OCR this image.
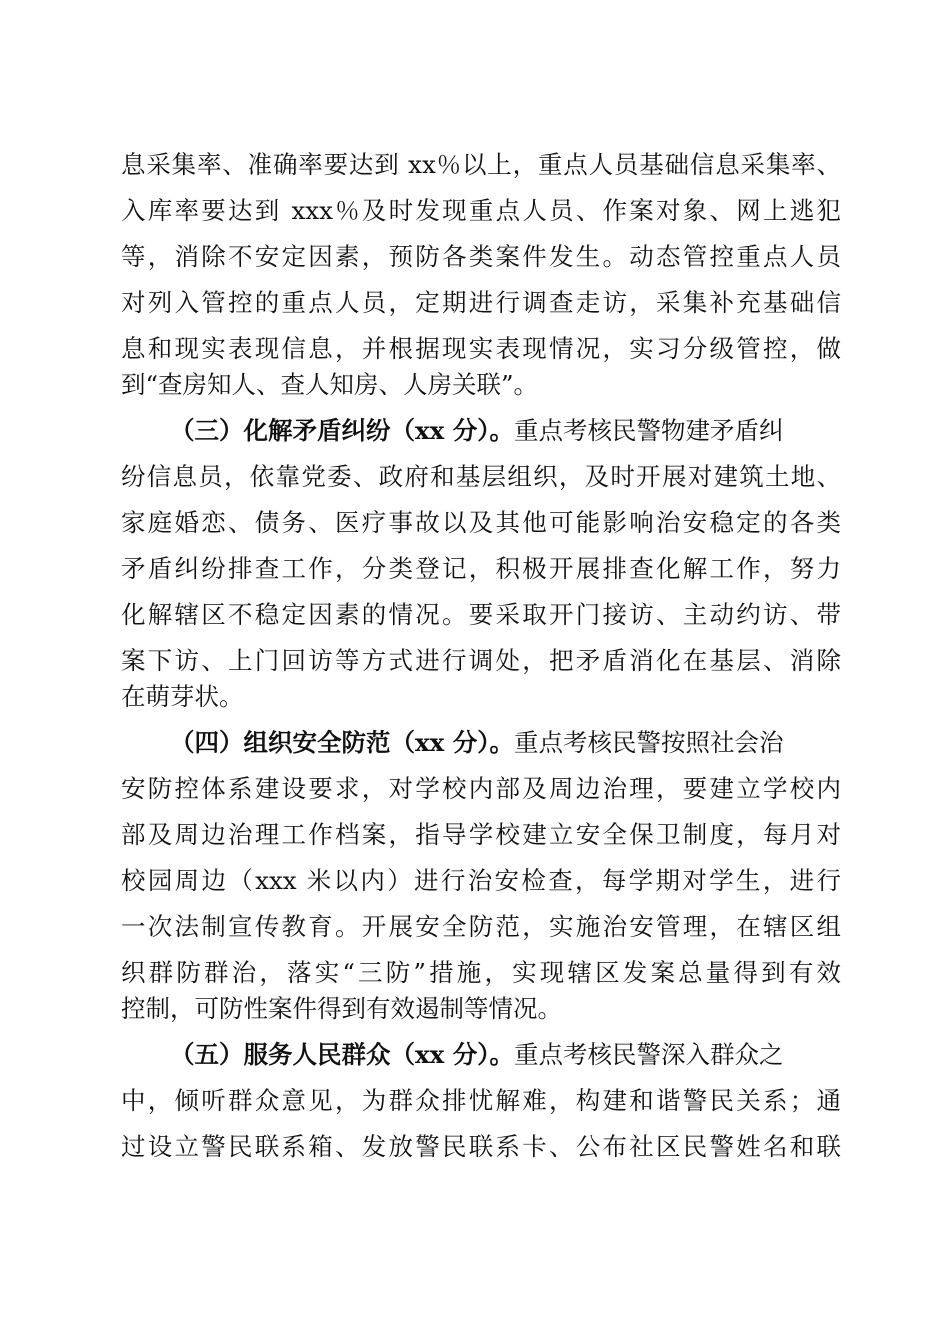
息采集率、准确率要达到 xx％以上，重点人员基础信息采集率、
入库率要达到 xxx％及时发现重点人员、作案对象、网上逃犯
等，消除不安定因素，预防各类案件发生。动态管控重点人员
对列入管控的重点人员，定期进行调查走访，采集补充基础信
息和现实表现信息，并根据现实表现情况，实习分级管控，做
到“查房知人、查人知房、人房关联”。
（三）化解矛盾纠纷（xx 分）。重点考核民警物建矛盾纠
纷信息员，依靠党委、政府和基层组织，及时开展对建筑土地、
家庭婚恋、债务、医疗事故以及其他可能影响治安稳定的各类
矛盾纠纷排查工作，分类登记，积极开展排查化解工作，努力
化解辖区不稳定因素的情况。要采取开门接访、主动约访、带
案下访、上门回访等方式进行调处，把矛盾消化在基层、消除
在萌芽状。
（四）组织安全防范（xx 分）。重点考核民警按照社会治
安防控体系建设要求，对学校内部及周边治理，要建立学校内
部及周边治理工作档案，指导学校建立安全保卫制度，每月对
校园周边（xxx 米以内）进行治安检查，每学期对学生，进行
一次法制宣传教育。开展安全防范，实施治安管理，在辖区组
织群防群治，落实“三防”措施，实现辖区发案总量得到有效
控制，可防性案件得到有效遏制等情况。
（五）服务人民群众（xx 分）。重点考核民警深入群众之
中，倾听群众意见，为群众排忧解难，构建和谐警民关系；通
过设立警民联系箱、发放警民联系卡、公布社区民警姓名和联
